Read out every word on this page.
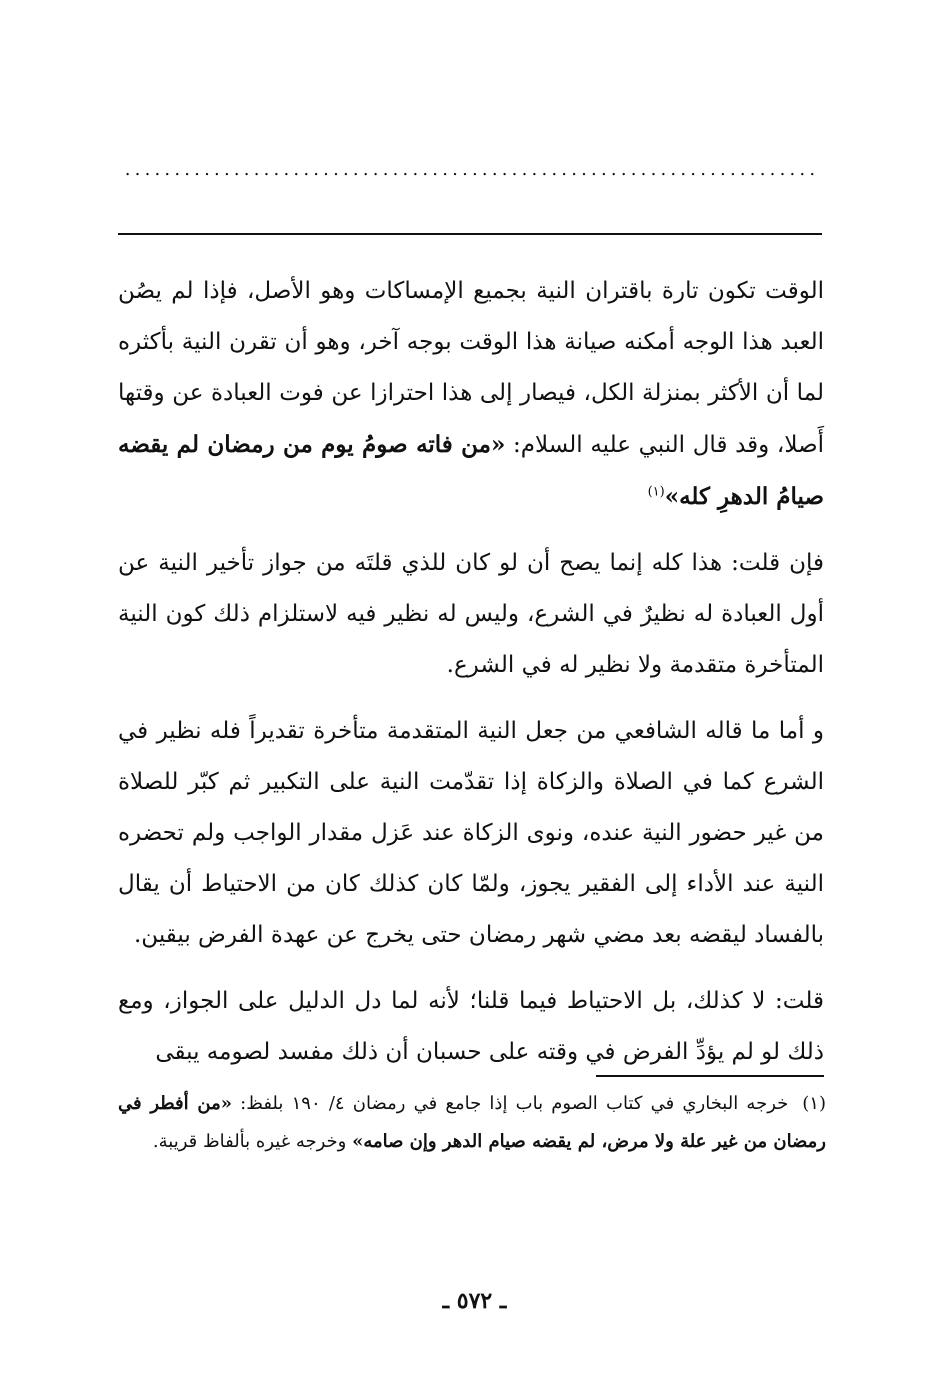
......................................................................

الوقت تكون تارة باقتران النية بجميع الإمساكات وهو الأصل، فإذا لم يصُن العبد هذا الوجه أمكنه صيانة هذا الوقت بوجه آخر، وهو أن تقرن النية بأكثره لما أن الأكثر بمنزلة الكل، فيصار إلى هذا احترازا عن فوت العبادة عن وقتها أَصلا، وقد قال النبي عليه السلام: «من فاته صومُ يوم من رمضان لم يقضه صيامُ الدهرِ كله»$^{(١)}$

فإن قلت: هذا كله إنما يصح أن لو كان للذي قلتَه من جواز تأخير النية عن أول العبادة له نظيرٌ في الشرع، وليس له نظير فيه لاستلزام ذلك كون النية المتأخرة متقدمة ولا نظير له في الشرع.

و أما ما قاله الشافعي من جعل النية المتقدمة متأخرة تقديراً فله نظير في الشرع كما في الصلاة والزكاة إذا تقدّمت النية على التكبير ثم كبّر للصلاة من غير حضور النية عنده، ونوى الزكاة عند عَزل مقدار الواجب ولم تحضره النية عند الأداء إلى الفقير يجوز، ولمّا كان كذلك كان من الاحتياط أن يقال بالفساد ليقضه بعد مضي شهر رمضان حتى يخرج عن عهدة الفرض بيقين.

قلت: لا كذلك، بل الاحتياط فيما قلنا؛ لأنه لما دل الدليل على الجواز، ومع ذلك لو لم يؤدِّ الفرض في وقته على حسبان أن ذلك مفسد لصومه يبقى

(١)خرجه البخاري في كتاب الصوم باب إذا جامع في رمضان ٤/ ١٩٠ بلفظ: «من أفطر في رمضان من غير علة ولا مرض، لم يقضه صيام الدهر وإن صامه» وخرجه غيره بألفاظ قريبة.
ـ ٥٧٢ ـ
